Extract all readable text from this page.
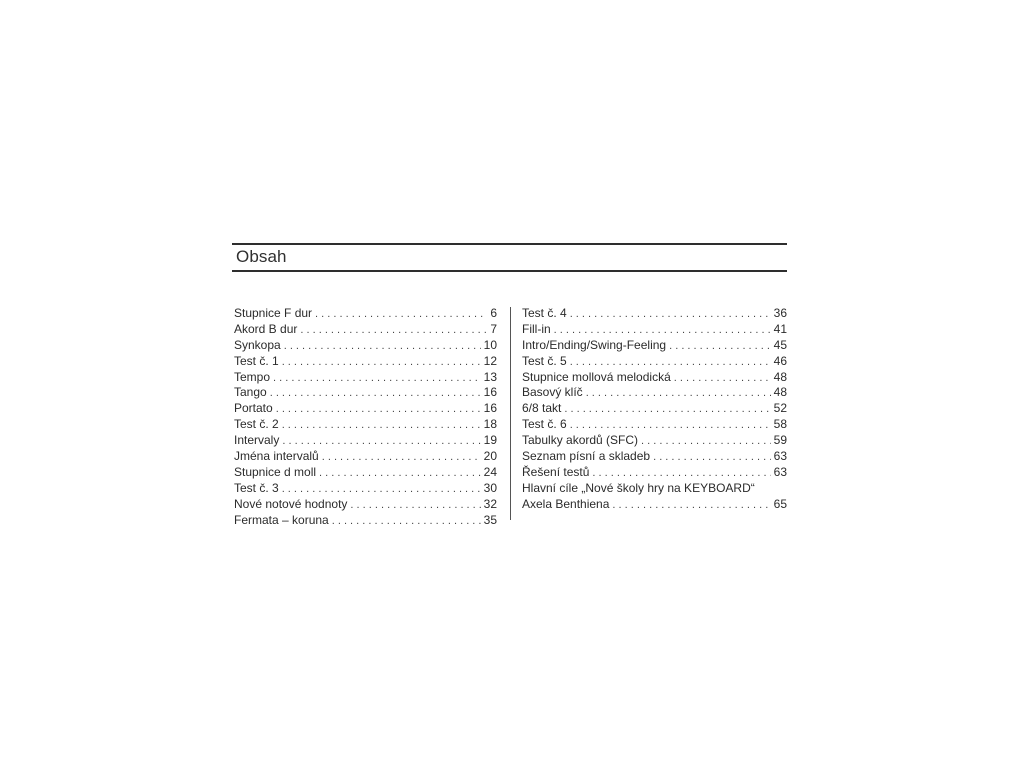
Obsah
Stupnice F dur . . .	6
Akord B dur . . .	7
Synkopa . . .	10
Test č. 1 . . .	12
Tempo . . .	13
Tango . . .	16
Portato . . .	16
Test č. 2 . . .	18
Intervaly . . .	19
Jména intervalů . . .	20
Stupnice d moll . . .	24
Test č. 3 . . .	30
Nové notové hodnoty . . .	32
Fermata – koruna . . .	35
Test č. 4 . . .	36
Fill-in . . .	41
Intro/Ending/Swing-Feeling . . .	45
Test č. 5 . . .	46
Stupnice mollová melodická . . .	48
Basový klíč . . .	48
6/8 takt . . .	52
Test č. 6 . . .	58
Tabulky akordů (SFC) . . .	59
Seznam písní a skladeb . . .	63
Řešení testů . . .	63
Hlavní cíle „Nové školy hry na KEYBOARD“
Axela Benthiena . . .	65
